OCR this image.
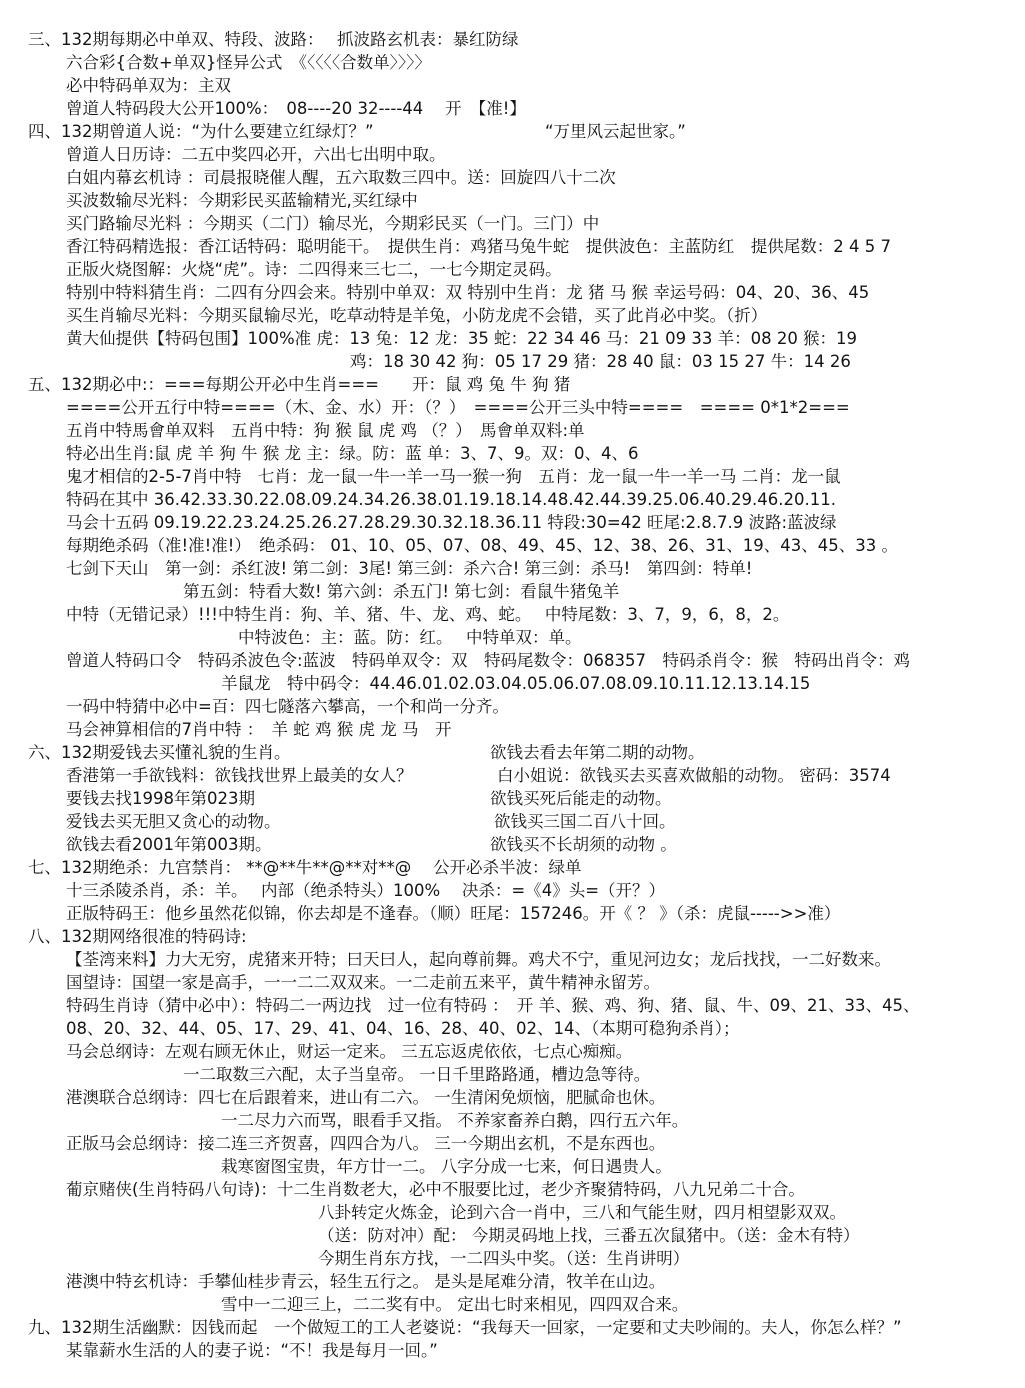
三、132期每期必中单双、特段、波路：　 抓波路玄机表：暴红防绿
六合彩{合数+单双}怪异公式　《〈〈〈〈合数单〉〉〉〉
必中特码单双为：主双
曾道人特码段大公开100%：　08----20 32----44　 开　【准!】
四、132期曾道人说：“为什么要建立红绿灯？”	“万里风云起世家。”
曾道人日历诗：二五中奖四必开，六出七出明中取。
白姐内幕玄机诗 ：司晨报晓催人醒，五六取数三四中。送：回旋四八十二次
买波数输尽光料：今期彩民买蓝输精光,买红绿中
买门路输尽光料 ：今期买（二门）输尽光，今期彩民买（一门。三门）中
香江特码精选报：香江话特码：聪明能干。　提供生肖：鸡猪马兔牛蛇　提供波色：主蓝防红　提供尾数：2 4 5 7
正版火烧图解：火烧“虎”。诗：二四得来三七二，一七今期定灵码。
特别中特料猜生肖：二四有分四会来。特别中单双：双 特别中生肖：龙 猪 马 猴 幸运号码：04、20、36、45
买生肖输尽光料：今期买鼠输尽光，吃草动特是羊兔，小防龙虎不会错，买了此肖必中奖。（折）
黄大仙提供【特码包围】100%准 虎：13 兔：12 龙：35 蛇：22 34 46 马：21 09 33 羊：08 20 猴：19
鸡：18 30 42 狗：05 17 29 猪：28 40 鼠：03 15 27 牛：14 26
五、132期必中:：===每期公开必中生肖===　　开：鼠 鸡 兔 牛 狗 猪
====公开五行中特====（木、金、水）开：（？）　====公开三头中特====　==== 0*1*2===
五肖中特馬會单双料　五肖中特：狗 猴 鼠 虎 鸡 （？）　馬會单双料:单
特必出生肖:鼠 虎 羊 狗 牛 猴 龙 主：绿。防：蓝 单：3、7、9。双：0、4、6
鬼才相信的2-5-7肖中特　七肖：龙一鼠一牛一羊一马一猴一狗　五肖：龙一鼠一牛一羊一马 二肖：龙一鼠
特码在其中 36.42.33.30.22.08.09.24.34.26.38.01.19.18.14.48.42.44.39.25.06.40.29.46.20.11.
马会十五码 09.19.22.23.24.25.26.27.28.29.30.32.18.36.11 特段:30=42 旺尾:2.8.7.9 波路:蓝波绿
每期绝杀码（准!准!准!）　绝杀码： 01、10、05、07、08、49、45、12、38、26、31、19、43、45、33 。
七剑下天山　第一剑：杀红波! 第二剑：3尾! 第三剑：杀六合! 第三剑：杀马!　第四剑：特单!
第五剑：特看大数! 第六剑：杀五门! 第七剑：看鼠牛猪兔羊
中特（无错记录）!!!中特生肖：狗、羊、猪、牛、龙、鸡、蛇。　 中特尾数：3、7，9，6，8，2。
中特波色：主：蓝。防：红。　 中特单双：单。
曾道人特码口令　特码杀波色令:蓝波　特码单双令：双　特码尾数令：068357　特码杀肖令：猴　特码出肖令：鸡
羊鼠龙　特中码令：44.46.01.02.03.04.05.06.07.08.09.10.11.12.13.14.15
一码中特猜中必中=百：四七隧落六攀高，一个和尚一分齐。
马会神算相信的7肖中特 ：　羊 蛇 鸡 猴 虎 龙 马　开
六、132期爱钱去买懂礼貌的生肖。	欲钱去看去年第二期的动物。
香港第一手欲钱料：欲钱找世界上最美的女人？	白小姐说：欲钱买去买喜欢做船的动物。 密码：3574
要钱去找1998年第023期	欲钱买死后能走的动物。
爱钱去买无胆又贪心的动物。	欲钱买三国二百八十回。
欲钱去看2001年第003期。	欲钱买不长胡须的动物 。
七、132期绝杀：九宫禁肖： **@**牛**@**对**@　 公开必杀半波：绿单
十三杀陵杀肖，杀：羊。　 内部（绝杀特头）100%　 决杀：=《4》头=（开？）
正版特码王：他乡虽然花似锦，你去却是不逢春。（顺）旺尾：157246。开《 ？ 》（杀：虎鼠----->>准）
八、132期网络很准的特码诗:
【荃湾来料】力大无穷，虎猪来开特；曰天曰人，起向尊前舞。鸡犬不宁，重见河边女；龙后找找，一二好数来。
国望诗：国望一家是高手，一一二二双双来。一二走前五来平，黄牛精神永留芳。
特码生肖诗（猜中必中）：特码二一两边找　过一位有特码 ：　开 羊、猴、鸡、狗、猪、鼠、牛、09、21、33、45、
08、20、32、44、05、17、29、41、04、16、28、40、02、14、（本期可稳狗杀肖）；
马会总纲诗：左观右顾无休止，财运一定来。 三五忘返虎依依，七点心痴痴。
一二取数三六配，太子当皇帝。 一日千里路路通，槽边急等待。
港澳联合总纲诗：四七在后跟着来，进山有二六。 一生清闲免烦恼，肥腻命也休。
一二尽力六而骂，眼看手又指。 不养家畜养白鹅，四行五六年。
正版马会总纲诗：接二连三齐贺喜，四四合为八。 三一今期出玄机，不是东西也。
栽寒窗图宝贵，年方廿一二。 八字分成一七来，何日遇贵人。
葡京赌侠(生肖特码八句诗)：十二生肖数老大，必中不服要比过，老少齐聚猜特码，八九兄弟二十合。
八卦转定火炼金，论到六合一肖中，三八和气能生财，四月相望影双双。
（送：防对冲）配： 今期灵码地上找，三番五次鼠猪中。（送：金木有特）
今期生肖东方找，一二四头中奖。（送：生肖讲明）
港澳中特玄机诗：手攀仙桂步青云，轻生五行之。 是头是尾难分清，牧羊在山边。
雪中一二迎三上，二二奖有中。 定出七时来相见，四四双合来。
九、132期生活幽默：因钱而起　一个做短工的工人老婆说：“我每天一回家，一定要和丈夫吵闹的。夫人，你怎么样？”
某靠薪水生活的人的妻子说：“不！我是每月一回。”
